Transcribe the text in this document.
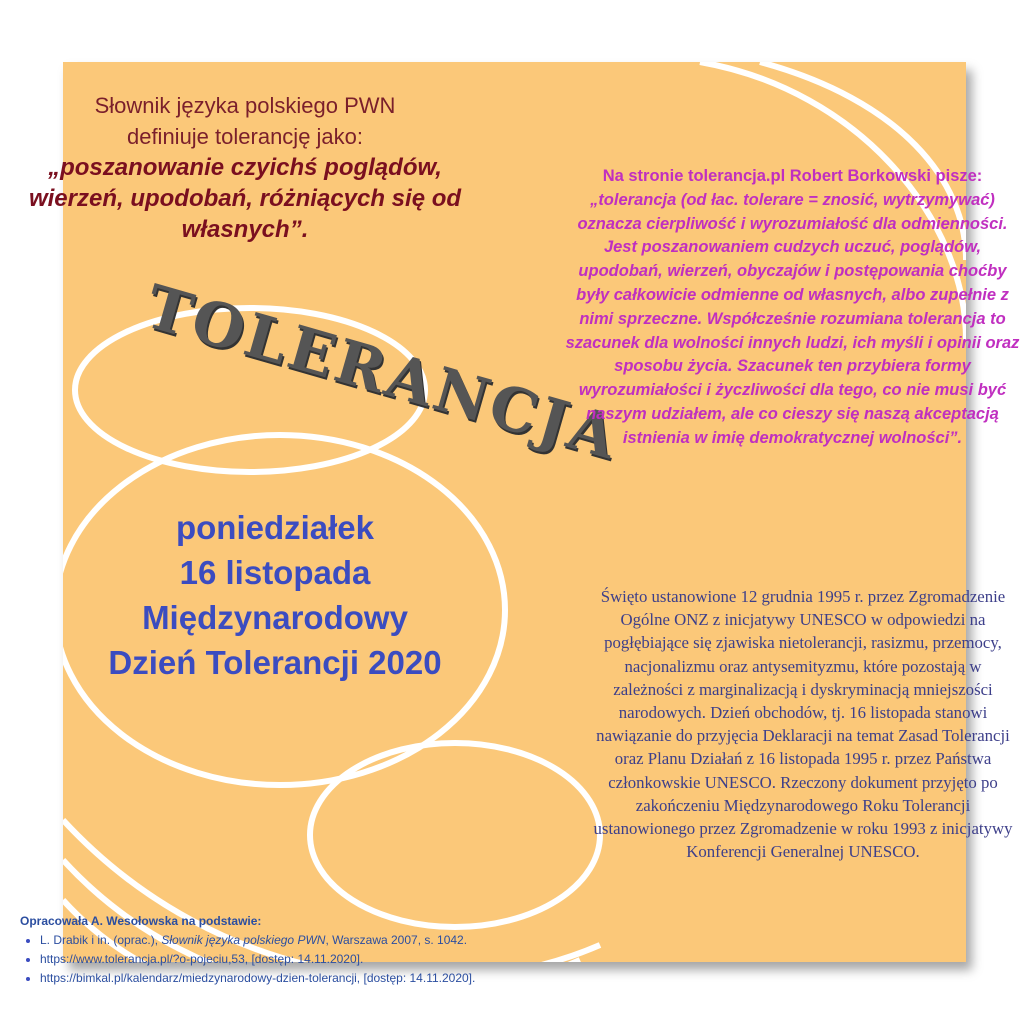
Słownik języka polskiego PWN
definiuje tolerancję jako:
„poszanowanie czyichś poglądów, wierzeń, upodobań, różniących się od własnych”.
TOLERANCJA
poniedziałek
16 listopada
Międzynarodowy
Dzień Tolerancji 2020
Na stronie tolerancja.pl Robert Borkowski pisze: „tolerancja (od łac. tolerare = znosić, wytrzymywać) oznacza cierpliwość i wyrozumiałość dla odmienności. Jest poszanowaniem cudzych uczuć, poglądów, upodobań, wierzeń, obyczajów i postępowania choćby były całkowicie odmienne od własnych, albo zupełnie z nimi sprzeczne. Współcześnie rozumiana tolerancja to szacunek dla wolności innych ludzi, ich myśli i opinii oraz sposobu życia. Szacunek ten przybiera formy wyrozumiałości i życzliwości dla tego, co nie musi być naszym udziałem, ale co cieszy się naszą akceptacją istnienia w imię demokratycznej wolności”.
Święto ustanowione 12 grudnia 1995 r. przez Zgromadzenie Ogólne ONZ z inicjatywy UNESCO w odpowiedzi na pogłębiające się zjawiska nietolerancji, rasizmu, przemocy, nacjonalizmu oraz antysemityzmu, które pozostają w zależności z marginalizacją i dyskryminacją mniejszości narodowych. Dzień obchodów, tj. 16 listopada stanowi nawiązanie do przyjęcia Deklaracji na temat Zasad Tolerancji oraz Planu Działań z 16 listopada 1995 r. przez Państwa członkowskie UNESCO. Rzeczony dokument przyjęto po zakończeniu Międzynarodowego Roku Tolerancji ustanowionego przez Zgromadzenie w roku 1993 z inicjatywy Konferencji Generalnej UNESCO.
Opracowała A. Wesołowska na podstawie:
• L. Drabik i in. (oprac.), Słownik języka polskiego PWN, Warszawa 2007, s. 1042.
• https://www.tolerancja.pl/?o-pojeciu,53, [dostęp: 14.11.2020].
• https://bimkal.pl/kalendarz/miedzynarodowy-dzien-tolerancji, [dostęp: 14.11.2020].
